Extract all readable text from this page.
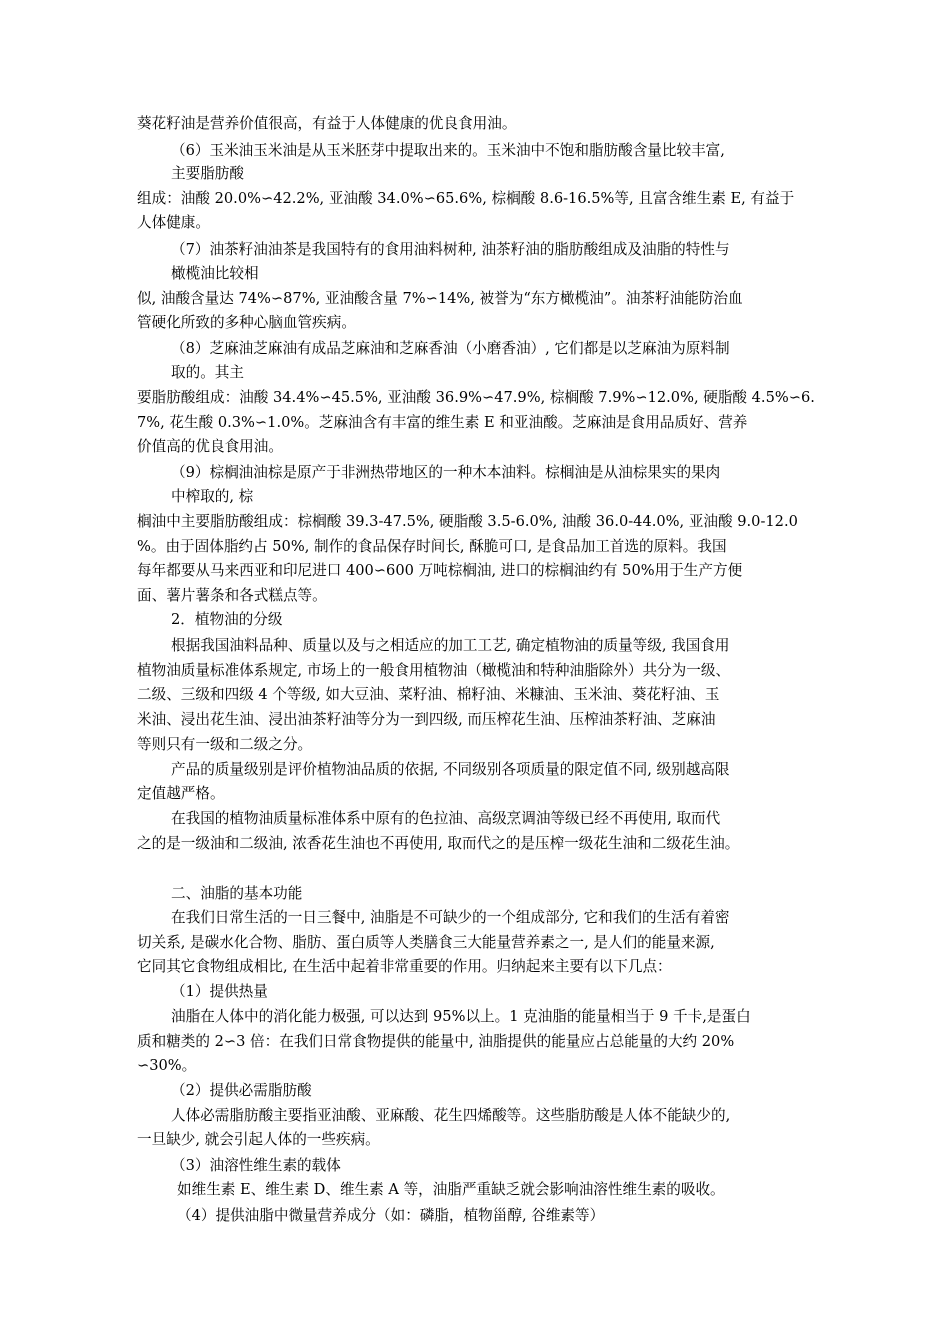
葵花籽油是营养价值很高，有益于人体健康的优良食用油。
（6）玉米油玉米油是从玉米胚芽中提取出来的。玉米油中不饱和脂肪酸含量比较丰富,
主要脂肪酸
组成：油酸 20.0%∽42.2%, 亚油酸 34.0%∽65.6%, 棕榈酸 8.6-16.5%等, 且富含维生素 E, 有益于
人体健康。
（7）油茶籽油油茶是我国特有的食用油料树种, 油茶籽油的脂肪酸组成及油脂的特性与
橄榄油比较相
似, 油酸含量达 74%∽87%, 亚油酸含量 7%∽14%, 被誉为“东方橄榄油”。油茶籽油能防治血
管硬化所致的多种心脑血管疾病。
（8）芝麻油芝麻油有成品芝麻油和芝麻香油（小磨香油）, 它们都是以芝麻油为原料制
取的。其主
要脂肪酸组成：油酸 34.4%∽45.5%, 亚油酸 36.9%∽47.9%, 棕榈酸 7.9%∽12.0%, 硬脂酸 4.5%∽6.
7%, 花生酸 0.3%∽1.0%。芝麻油含有丰富的维生素 E 和亚油酸。芝麻油是食用品质好、营养
价值高的优良食用油。
（9）棕榈油油棕是原产于非洲热带地区的一种木本油料。棕榈油是从油棕果实的果肉
中榨取的, 棕
榈油中主要脂肪酸组成：棕榈酸 39.3-47.5%, 硬脂酸 3.5-6.0%, 油酸 36.0-44.0%, 亚油酸 9.0-12.0
%。由于固体脂约占 50%, 制作的食品保存时间长, 酥脆可口, 是食品加工首选的原料。我国
每年都要从马来西亚和印尼进口 400∽600 万吨棕榈油, 进口的棕榈油约有 50%用于生产方便
面、薯片薯条和各式糕点等。
2．植物油的分级
根据我国油料品种、质量以及与之相适应的加工工艺, 确定植物油的质量等级, 我国食用
植物油质量标准体系规定, 市场上的一般食用植物油（橄榄油和特种油脂除外）共分为一级、
二级、三级和四级 4 个等级, 如大豆油、菜籽油、棉籽油、米糠油、玉米油、葵花籽油、玉
米油、浸出花生油、浸出油茶籽油等分为一到四级, 而压榨花生油、压榨油茶籽油、芝麻油
等则只有一级和二级之分。
产品的质量级别是评价植物油品质的依据, 不同级别各项质量的限定值不同, 级别越高限
定值越严格。
在我国的植物油质量标准体系中原有的色拉油、高级烹调油等级已经不再使用, 取而代
之的是一级油和二级油, 浓香花生油也不再使用, 取而代之的是压榨一级花生油和二级花生油。
二、油脂的基本功能
在我们日常生活的一日三餐中, 油脂是不可缺少的一个组成部分, 它和我们的生活有着密
切关系, 是碳水化合物、脂肪、蛋白质等人类膳食三大能量营养素之一, 是人们的能量来源,
它同其它食物组成相比, 在生活中起着非常重要的作用。归纳起来主要有以下几点：
（1）提供热量
油脂在人体中的消化能力极强, 可以达到 95%以上。1 克油脂的能量相当于 9 千卡,是蛋白
质和糖类的 2∽3 倍：在我们日常食物提供的能量中, 油脂提供的能量应占总能量的大约 20%
∽30%。
（2）提供必需脂肪酸
人体必需脂肪酸主要指亚油酸、亚麻酸、花生四烯酸等。这些脂肪酸是人体不能缺少的,
一旦缺少, 就会引起人体的一些疾病。
（3）油溶性维生素的载体
如维生素 E、维生素 D、维生素 A 等，油脂严重缺乏就会影响油溶性维生素的吸收。
（4）提供油脂中微量营养成分（如：磷脂，植物甾醇, 谷维素等）
